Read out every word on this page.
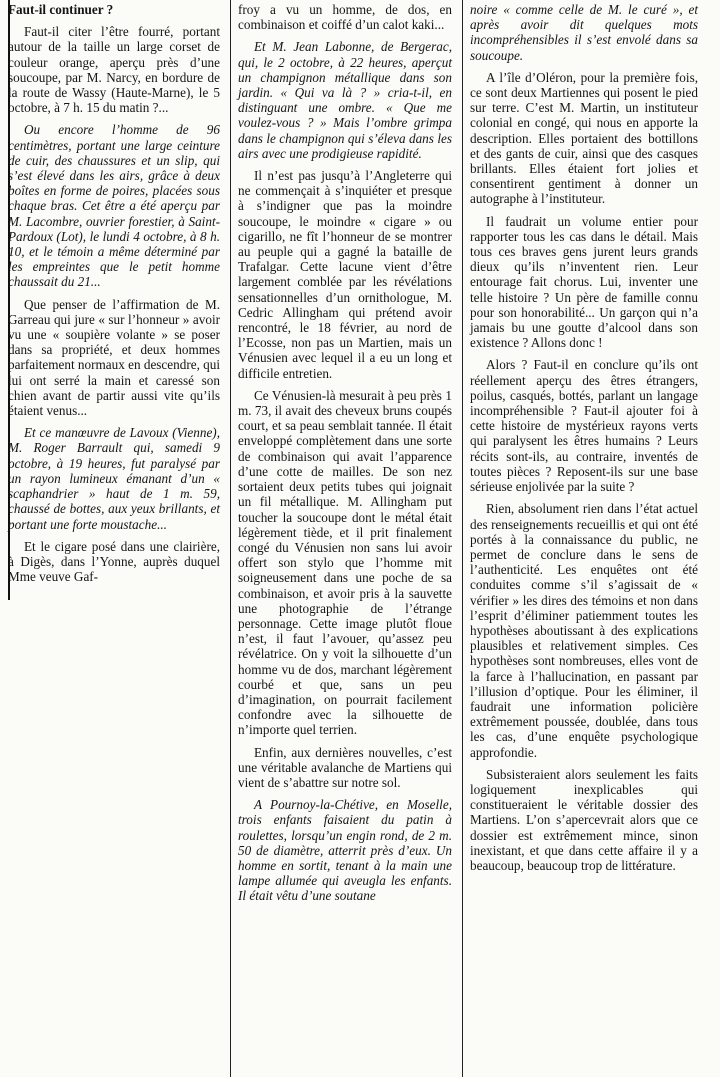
Faut-il continuer ?

Faut-il citer l’être fourré, portant autour de la taille un large corset de couleur orange, aperçu près d’une soucoupe, par M. Narcy, en bordure de la route de Wassy (Haute-Marne), le 5 octobre, à 7 h. 15 du matin ?...

Ou encore l’homme de 96 centimètres, portant une large ceinture de cuir, des chaussures et un slip, qui s’est élevé dans les airs, grâce à deux boîtes en forme de poires, placées sous chaque bras. Cet être a été aperçu par M. Lacombre, ouvrier forestier, à Saint-Pardoux (Lot), le lundi 4 octobre, à 8 h. 10, et le témoin a même déterminé par les empreintes que le petit homme chaussait du 21...

Que penser de l’affirmation de M. Garreau qui jure « sur l’honneur » avoir vu une « soupière volante » se poser dans sa propriété, et deux hommes parfaitement normaux en descendre, qui lui ont serré la main et caressé son chien avant de partir aussi vite qu’ils étaient venus...

Et ce manœuvre de Lavoux (Vienne), M. Roger Barrault qui, samedi 9 octobre, à 19 heures, fut paralysé par un rayon lumineux émanant d’un « scaphandrier » haut de 1 m. 59, chaussé de bottes, aux yeux brillants, et portant une forte moustache...

Et le cigare posé dans une clairière, à Digès, dans l’Yonne, auprès duquel Mme veuve Gaf-

froy a vu un homme, de dos, en combinaison et coiffé d’un calot kaki...

Et M. Jean Labonne, de Bergerac, qui, le 2 octobre, à 22 heures, aperçut un champignon métallique dans son jardin. « Qui va là ? » cria-t-il, en distinguant une ombre. « Que me voulez-vous ? » Mais l’ombre grimpa dans le champignon qui s’éleva dans les airs avec une prodigieuse rapidité.

Il n’est pas jusqu’à l’Angleterre qui ne commençait à s’inquiéter et presque à s’indigner que pas la moindre soucoupe, le moindre « cigare » ou cigarillo, ne fît l’honneur de se montrer au peuple qui a gagné la bataille de Trafalgar. Cette lacune vient d’être largement comblée par les révélations sensationnelles d’un ornithologue, M. Cedric Allingham qui prétend avoir rencontré, le 18 février, au nord de l’Ecosse, non pas un Martien, mais un Vénusien avec lequel il a eu un long et difficile entretien.

Ce Vénusien-là mesurait à peu près 1 m. 73, il avait des cheveux bruns coupés court, et sa peau semblait tannée. Il était enveloppé complètement dans une sorte de combinaison qui avait l’apparence d’une cotte de mailles. De son nez sortaient deux petits tubes qui joignait un fil métallique. M. Allingham put toucher la soucoupe dont le métal était légèrement tiède, et il prit finalement congé du Vénusien non sans lui avoir offert son stylo que l’homme mit soigneusement dans une poche de sa combinaison, et avoir pris à la sauvette une photographie de l’étrange personnage. Cette image plutôt floue n’est, il faut l’avouer, qu’assez peu révélatrice. On y voit la silhouette d’un homme vu de dos, marchant légèrement courbé et que, sans un peu d’imagination, on pourrait facilement confondre avec la silhouette de n’importe quel terrien.

Enfin, aux dernières nouvelles, c’est une véritable avalanche de Martiens qui vient de s’abattre sur notre sol.

A Pournoy-la-Chétive, en Moselle, trois enfants faisaient du patin à roulettes, lorsqu’un engin rond, de 2 m. 50 de diamètre, atterrit près d’eux. Un homme en sortit, tenant à la main une lampe allumée qui aveugla les enfants. Il était vêtu d’une soutane

noire « comme celle de M. le curé », et après avoir dit quelques mots incompréhensibles il s’est envolé dans sa soucoupe.

A l’île d’Oléron, pour la première fois, ce sont deux Martiennes qui posent le pied sur terre. C’est M. Martin, un instituteur colonial en congé, qui nous en apporte la description. Elles portaient des bottillons et des gants de cuir, ainsi que des casques brillants. Elles étaient fort jolies et consentirent gentiment à donner un autographe à l’instituteur.

Il faudrait un volume entier pour rapporter tous les cas dans le détail. Mais tous ces braves gens jurent leurs grands dieux qu’ils n’inventent rien. Leur entourage fait chorus. Lui, inventer une telle histoire ? Un père de famille connu pour son honorabilité... Un garçon qui n’a jamais bu une goutte d’alcool dans son existence ? Allons donc !

Alors ? Faut-il en conclure qu’ils ont réellement aperçu des êtres étrangers, poilus, casqués, bottés, parlant un langage incompréhensible ? Faut-il ajouter foi à cette histoire de mystérieux rayons verts qui paralysent les êtres humains ? Leurs récits sont-ils, au contraire, inventés de toutes pièces ? Reposent-ils sur une base sérieuse enjolivée par la suite ?

Rien, absolument rien dans l’état actuel des renseignements recueillis et qui ont été portés à la connaissance du public, ne permet de conclure dans le sens de l’authenticité. Les enquêtes ont été conduites comme s’il s’agissait de « vérifier » les dires des témoins et non dans l’esprit d’éliminer patiemment toutes les hypothèses aboutissant à des explications plausibles et relativement simples. Ces hypothèses sont nombreuses, elles vont de la farce à l’hallucination, en passant par l’illusion d’optique. Pour les éliminer, il faudrait une information policière extrêmement poussée, doublée, dans tous les cas, d’une enquête psychologique approfondie.

Subsisteraient alors seulement les faits logiquement inexplicables qui constitueraient le véritable dossier des Martiens. L’on s’apercevrait alors que ce dossier est extrêmement mince, sinon inexistant, et que dans cette affaire il y a beaucoup, beaucoup trop de littérature.
